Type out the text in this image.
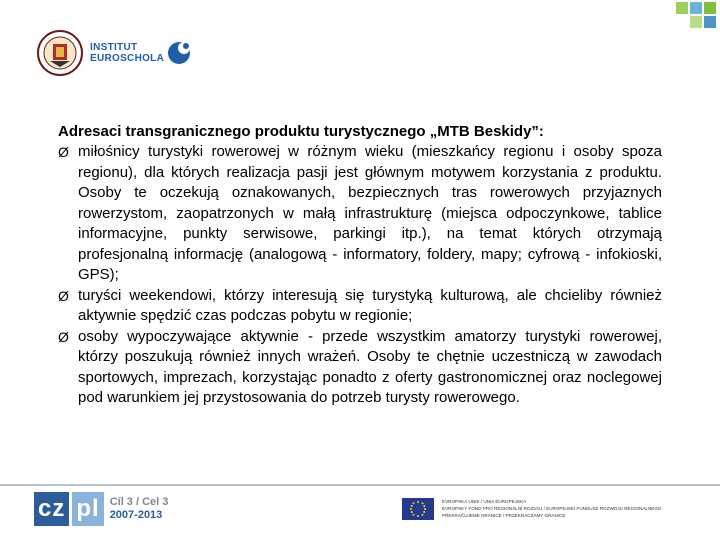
INSTITUT
EUROSCHOLA
Adresaci transgranicznego produktu turystycznego „MTB Beskidy”:
Ø miłośnicy turystyki rowerowej w różnym wieku (mieszkańcy regionu i osoby spoza regionu), dla których realizacja pasji jest głównym motywem korzystania z produktu. Osoby te oczekują oznakowanych, bezpiecznych tras rowerowych przyjaznych rowerzystom, zaopatrzonych w małą infrastrukturę (miejsca odpoczynkowe, tablice informacyjne, punkty serwisowe, parkingi itp.), na temat których otrzymają profesjonalną informację (analogową - informatory, foldery, mapy; cyfrową - infokioski, GPS);
Ø turyści weekendowi, którzy interesują się turystyką kulturową, ale chcieliby również aktywnie spędzić czas podczas pobytu w regionie;
Ø osoby wypoczywające aktywnie - przede wszystkim amatorzy turystyki rowerowej, którzy poszukują również innych wrażeń. Osoby te chętnie uczestniczą w zawodach sportowych, imprezach, korzystając ponadto z oferty gastronomicznej oraz noclegowej pod warunkiem jej przystosowania do potrzeb turysty rowerowego.
cz pl Cíl 3 / Cel 3
2007-2013
EVROPSKÁ UNIE / UNIA EUROPEJSKA
EVROPSKÝ FOND PRO REGIONÁLNÍ ROZVOJ / EUROPEJSKI FUNDUSZ ROZWOJU REGIONALNEGO
PŘEKRAČUJEME HRANICE / PRZEKRACZAMY GRANICE
